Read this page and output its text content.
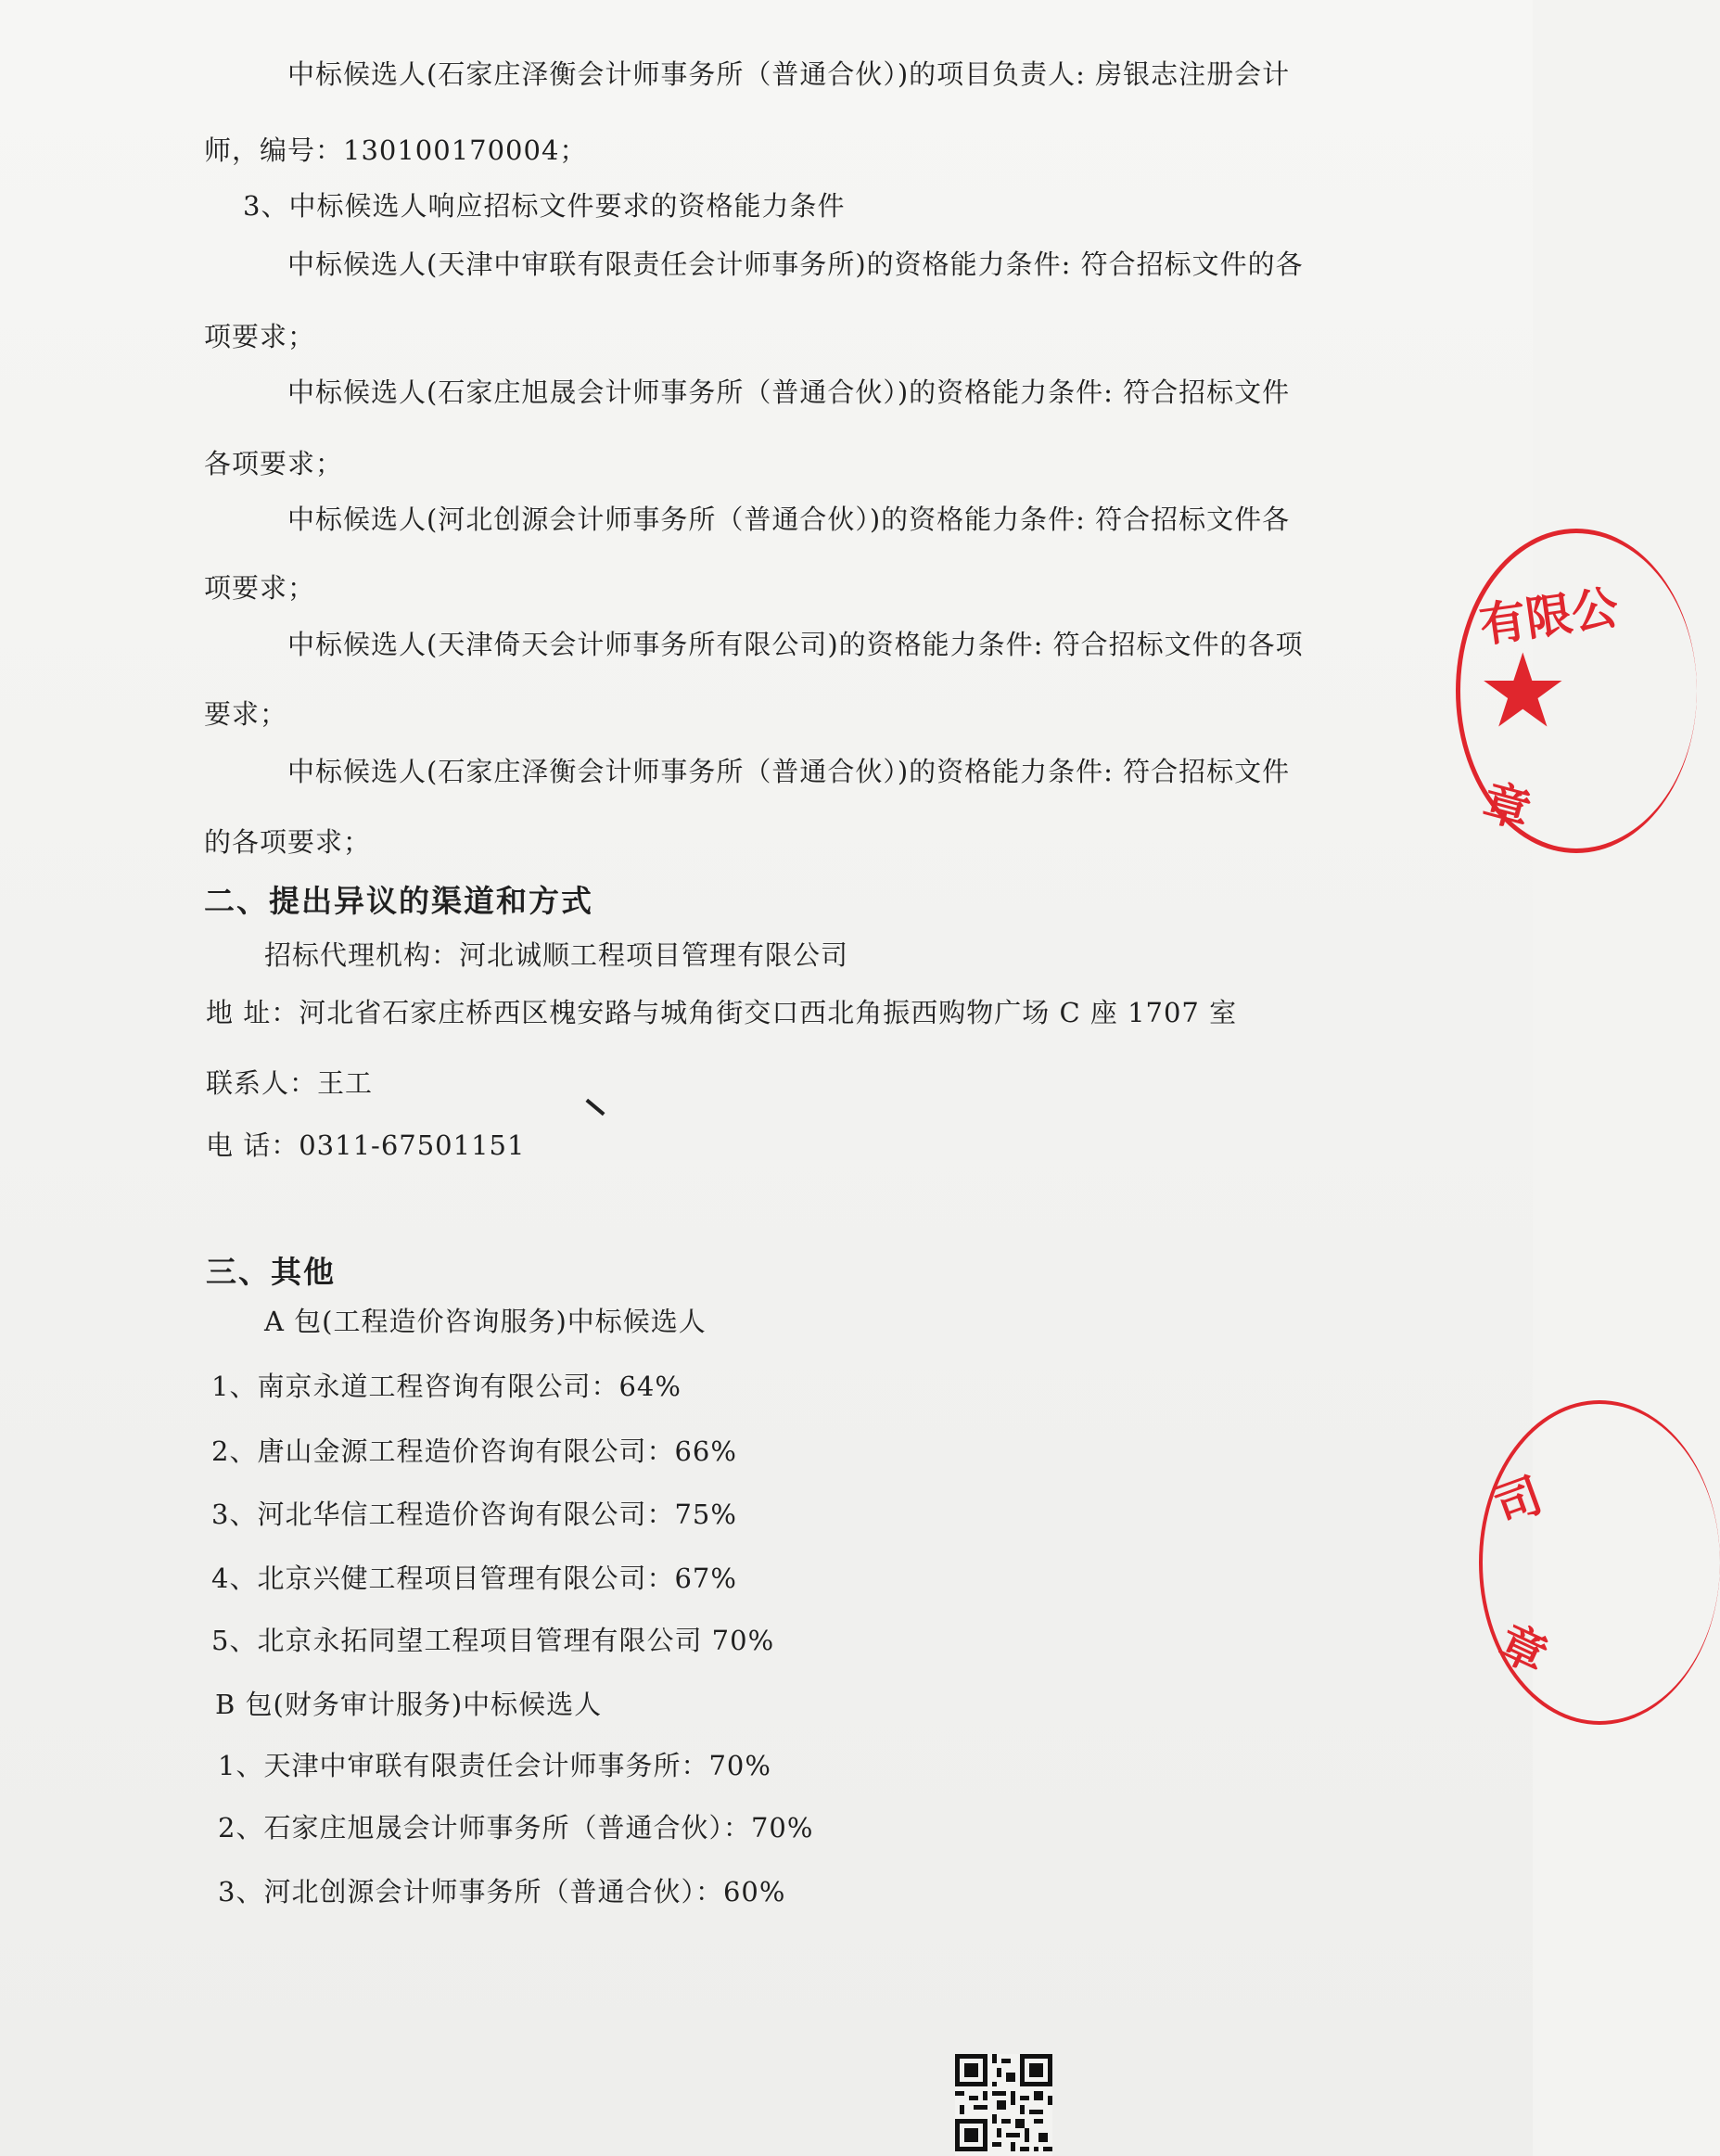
中标候选人(石家庄泽衡会计师事务所（普通合伙）)的项目负责人: 房银志注册会计
师，编号：130100170004；
3、中标候选人响应招标文件要求的资格能力条件
中标候选人(天津中审联有限责任会计师事务所)的资格能力条件: 符合招标文件的各
项要求；
中标候选人(石家庄旭晟会计师事务所（普通合伙）)的资格能力条件: 符合招标文件
各项要求；
中标候选人(河北创源会计师事务所（普通合伙）)的资格能力条件: 符合招标文件各
项要求；
中标候选人(天津倚天会计师事务所有限公司)的资格能力条件: 符合招标文件的各项
要求；
中标候选人(石家庄泽衡会计师事务所（普通合伙）)的资格能力条件: 符合招标文件
的各项要求；
二、提出异议的渠道和方式
招标代理机构：河北诚顺工程项目管理有限公司
地 址：河北省石家庄桥西区槐安路与城角街交口西北角振西购物广场 C 座 1707 室
联系人：王工
电 话：0311-67501151
三、其他
A 包(工程造价咨询服务)中标候选人
1、南京永道工程咨询有限公司：64%
2、唐山金源工程造价咨询有限公司：66%
3、河北华信工程造价咨询有限公司：75%
4、北京兴健工程项目管理有限公司：67%
5、北京永拓同望工程项目管理有限公司 70%
B 包(财务审计服务)中标候选人
1、天津中审联有限责任会计师事务所：70%
2、石家庄旭晟会计师事务所（普通合伙）：70%
3、河北创源会计师事务所（普通合伙）：60%
有限公
★
章
司
章
